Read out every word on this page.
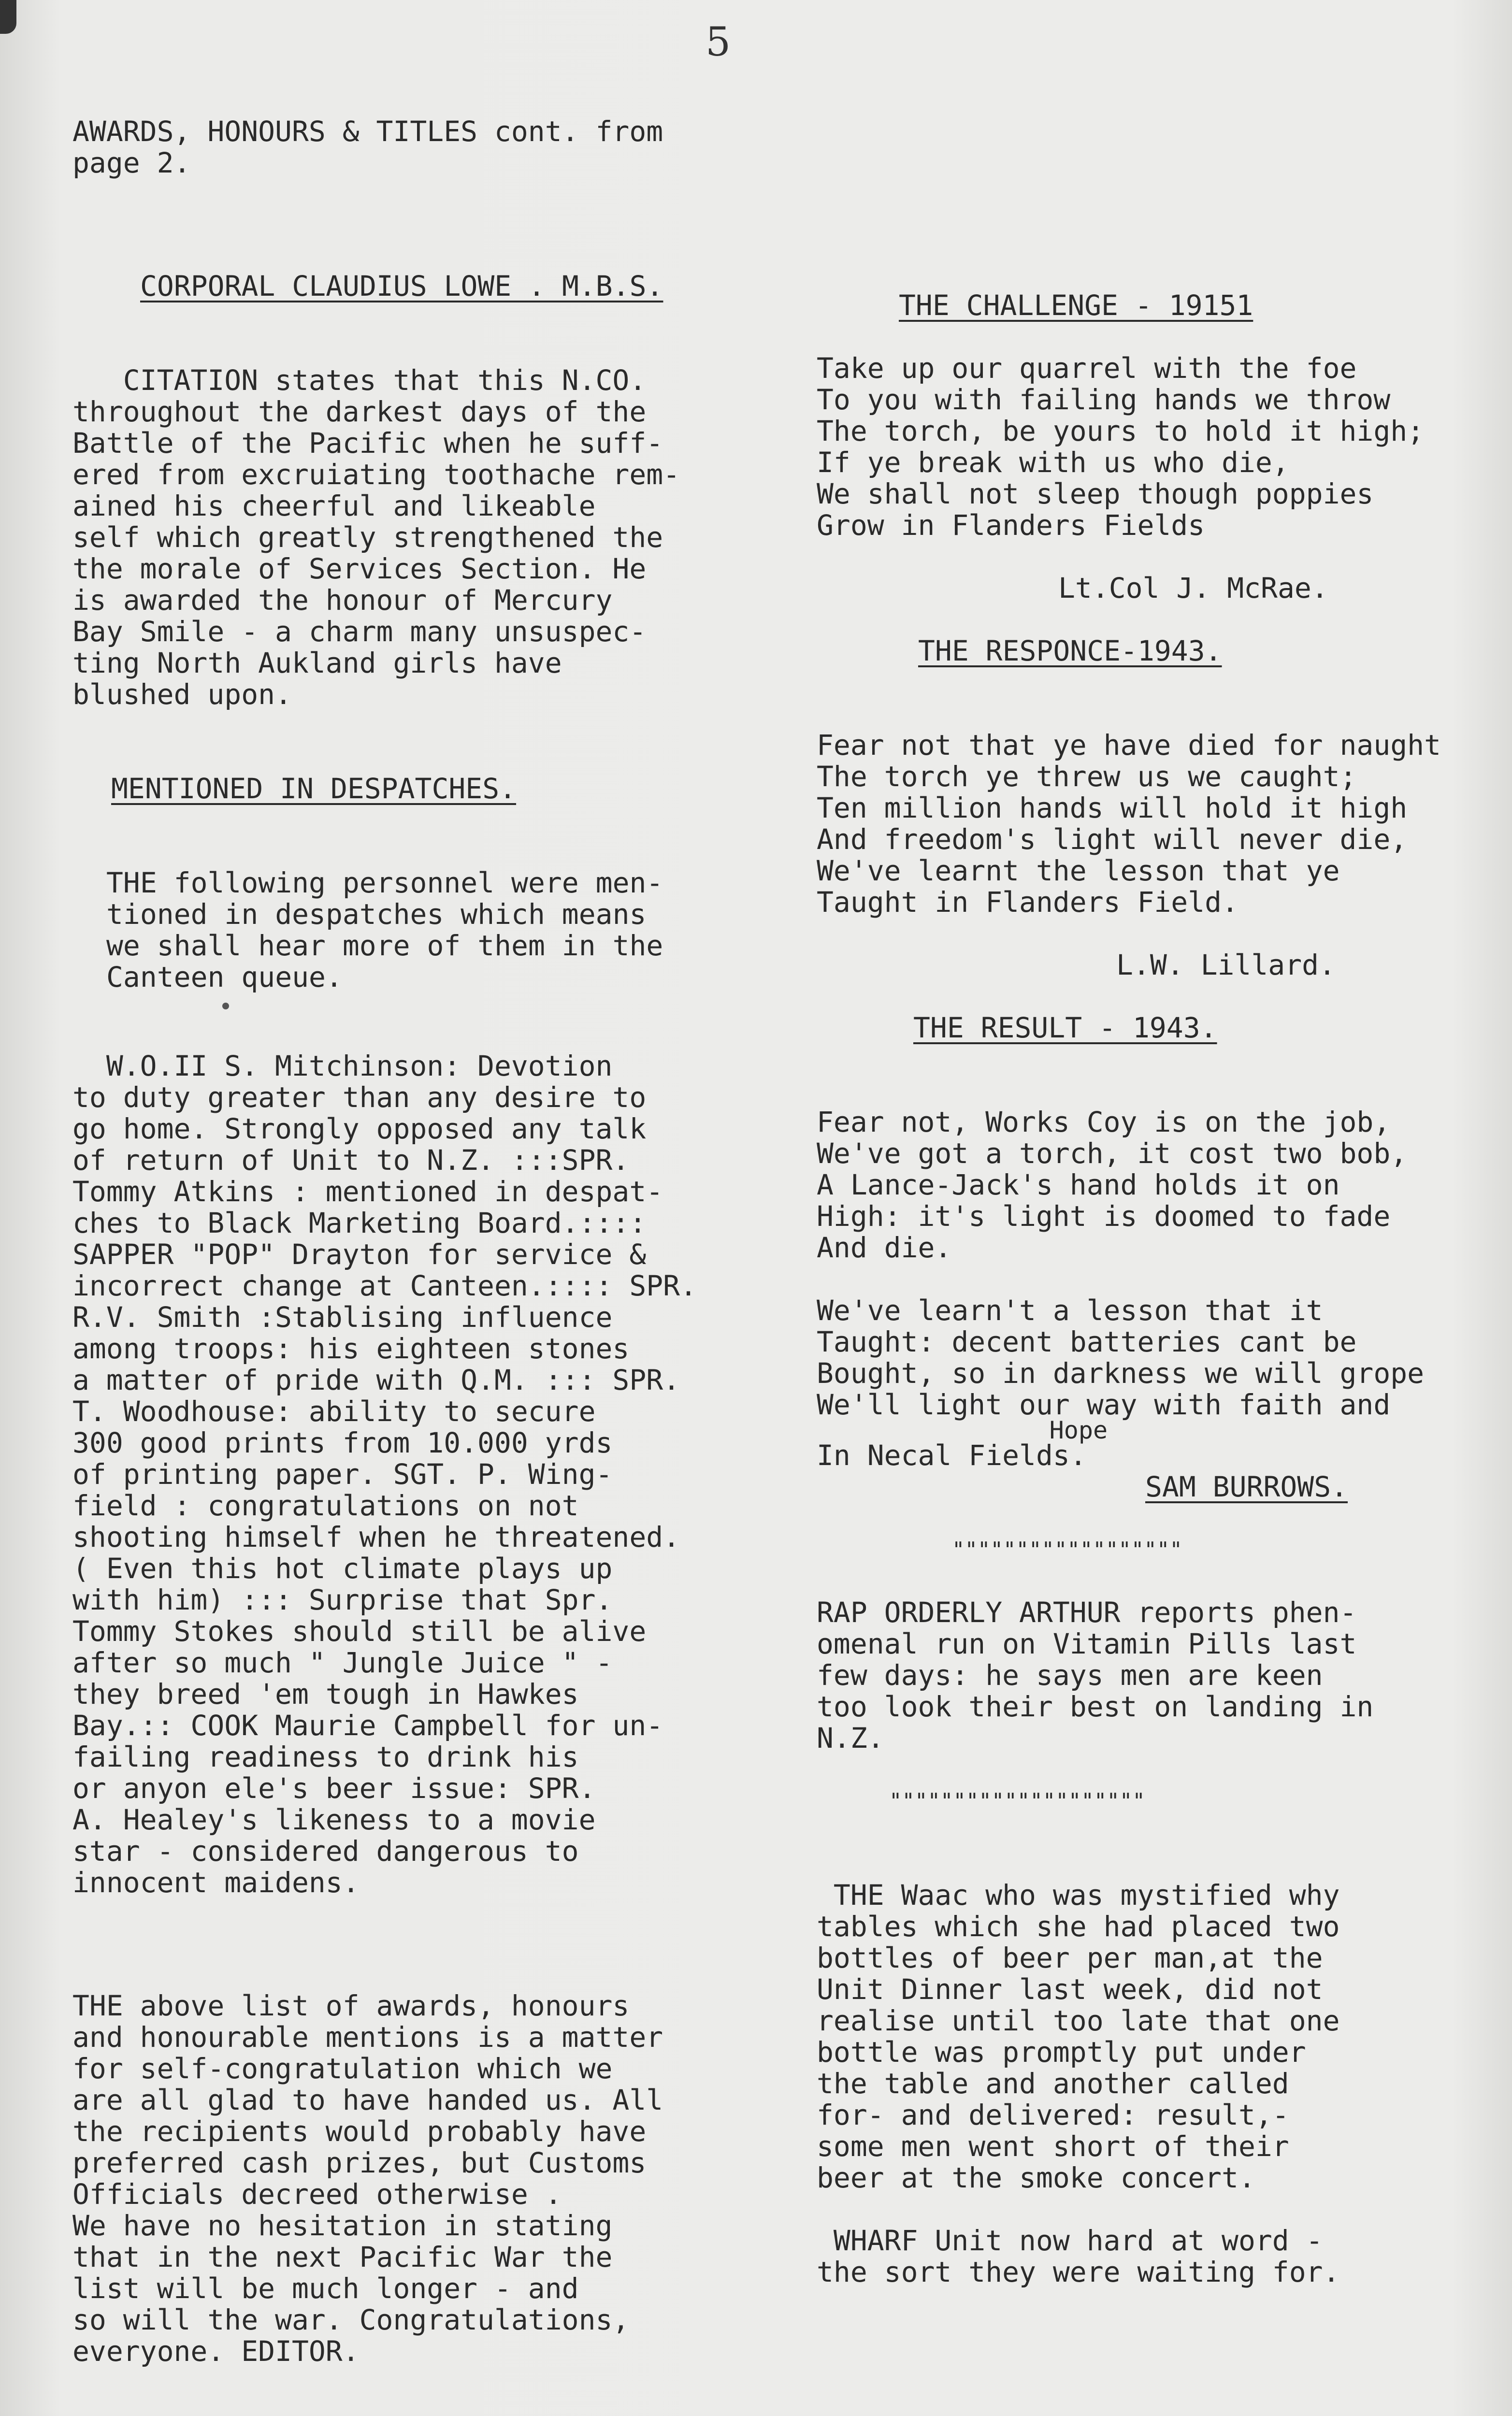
5
AWARDS, HONOURS & TITLES cont. from
page 2.
CORPORAL CLAUDIUS LOWE . M.B.S.
CITATION states that this N.CO.
throughout the darkest days of the
Battle of the Pacific when he suff-
ered from excruiating toothache rem-
ained his cheerful and likeable
self which greatly strengthened the
the morale of Services Section. He
is awarded the honour of Mercury
Bay Smile - a charm many unsuspec-
ting North Aukland girls have
blushed upon.
MENTIONED IN DESPATCHES.
THE following personnel were men-
tioned in despatches which means
we shall hear more of them in the
Canteen queue.
W.O.II S. Mitchinson: Devotion
to duty greater than any desire to
go home. Strongly opposed any talk
of return of Unit to N.Z. :::SPR.
Tommy Atkins : mentioned in despat-
ches to Black Marketing Board.::::
SAPPER "POP" Drayton for service &
incorrect change at Canteen.:::: SPR.
R.V. Smith :Stablising influence
among troops: his eighteen stones
a matter of pride with Q.M. ::: SPR.
T. Woodhouse: ability to secure
300 good prints from 10.000 yrds
of printing paper. SGT. P. Wing-
field : congratulations on not
shooting himself when he threatened.
( Even this hot climate plays up
with him) ::: Surprise that Spr.
Tommy Stokes should still be alive
after so much " Jungle Juice " -
they breed 'em tough in Hawkes
Bay.:: COOK Maurie Campbell for un-
failing readiness to drink his
or anyon ele's beer issue: SPR.
A. Healey's likeness to a movie
star - considered dangerous to
innocent maidens.
THE above list of awards, honours
and honourable mentions is a matter
for self-congratulation which we
are all glad to have handed us. All
the recipients would probably have
preferred cash prizes, but Customs
Officials decreed otherwise .
We have no hesitation in stating
that in the next Pacific War the
list will be much longer - and
so will the war. Congratulations,
everyone. EDITOR.
THE CHALLENGE - 19151
Take up our quarrel with the foe
To you with failing hands we throw
The torch, be yours to hold it high;
If ye break with us who die,
We shall not sleep though poppies
Grow in Flanders Fields
Lt.Col J. McRae.
THE RESPONCE-1943.
Fear not that ye have died for naught
The torch ye threw us we caught;
Ten million hands will hold it high
And freedom's light will never die,
We've learnt the lesson that ye
Taught in Flanders Field.
L.W. Lillard.
THE RESULT - 1943.
Fear not, Works Coy is on the job,
We've got a torch, it cost two bob,
A Lance-Jack's hand holds it on
High: it's light is doomed to fade
And die.
We've learn't a lesson that it
Taught: decent batteries cant be
Bought, so in darkness we will grope
We'll light our way with faith and
Hope
In Necal Fields.
SAM BURROWS.
""""""""""""""""""
RAP ORDERLY ARTHUR reports phen-
omenal run on Vitamin Pills last
few days: he says men are keen
too look their best on landing in
N.Z.
""""""""""""""""""""
THE Waac who was mystified why
tables which she had placed two
bottles of beer per man,at the
Unit Dinner last week, did not
realise until too late that one
bottle was promptly put under
the table and another called
for- and delivered: result,-
some men went short of their
beer at the smoke concert.
WHARF Unit now hard at word -
the sort they were waiting for.
